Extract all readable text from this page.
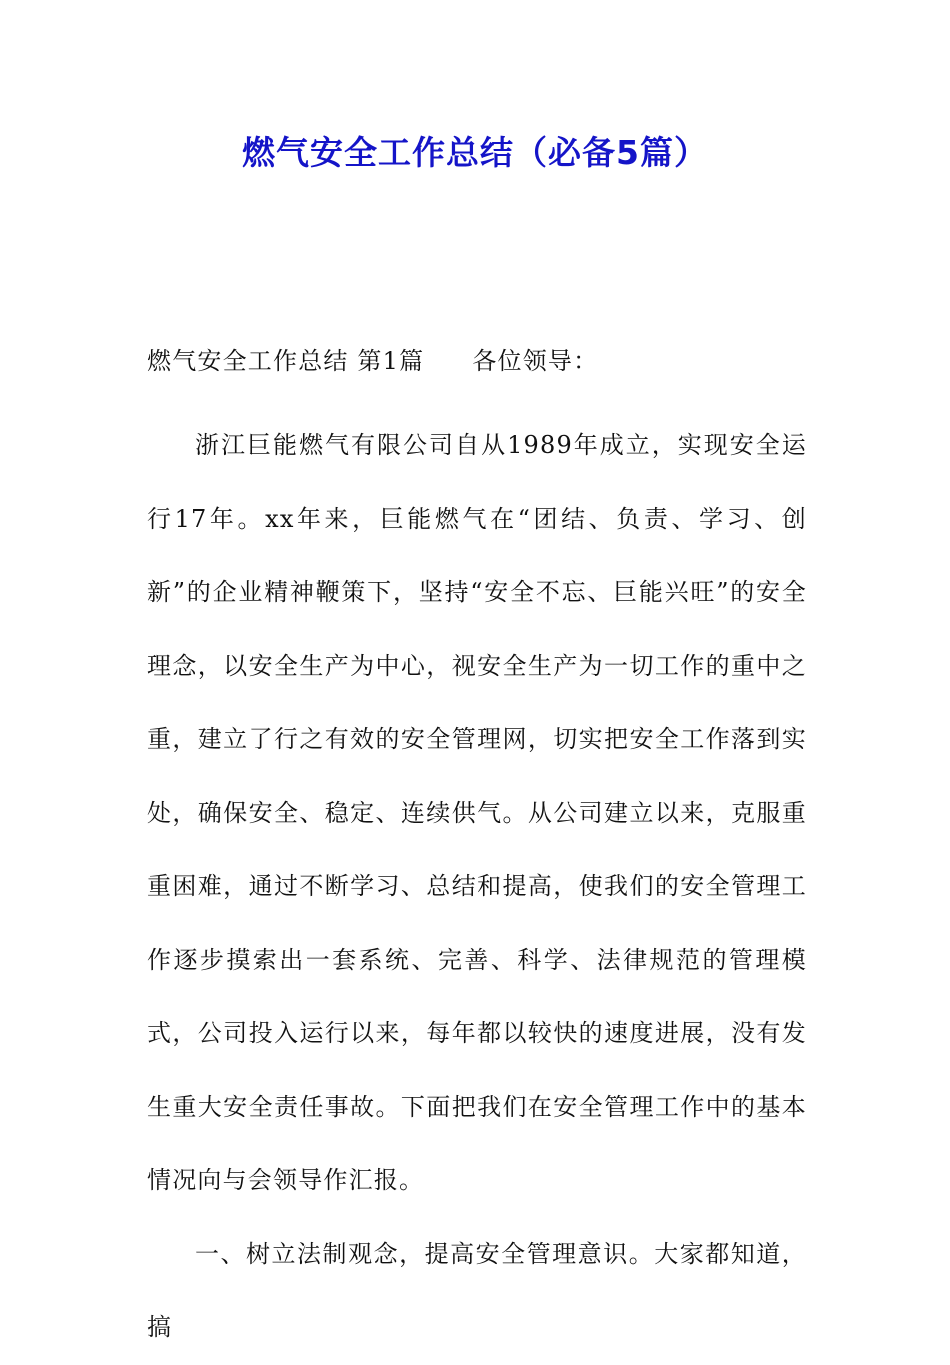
燃气安全工作总结（必备5篇）
燃气安全工作总结 第1篇 各位领导：

浙江巨能燃气有限公司自从1989年成立，实现安全运行17年。xx年来，巨能燃气在“团结、负责、学习、创新”的企业精神鞭策下，坚持“安全不忘、巨能兴旺”的安全理念，以安全生产为中心，视安全生产为一切工作的重中之重，建立了行之有效的安全管理网，切实把安全工作落到实处，确保安全、稳定、连续供气。从公司建立以来，克服重重困难，通过不断学习、总结和提高，使我们的安全管理工作逐步摸索出一套系统、完善、科学、法律规范的管理模式，公司投入运行以来，每年都以较快的速度进展，没有发生重大安全责任事故。下面把我们在安全管理工作中的基本情况向与会领导作汇报。

一、树立法制观念，提高安全管理意识。大家都知道，搞
